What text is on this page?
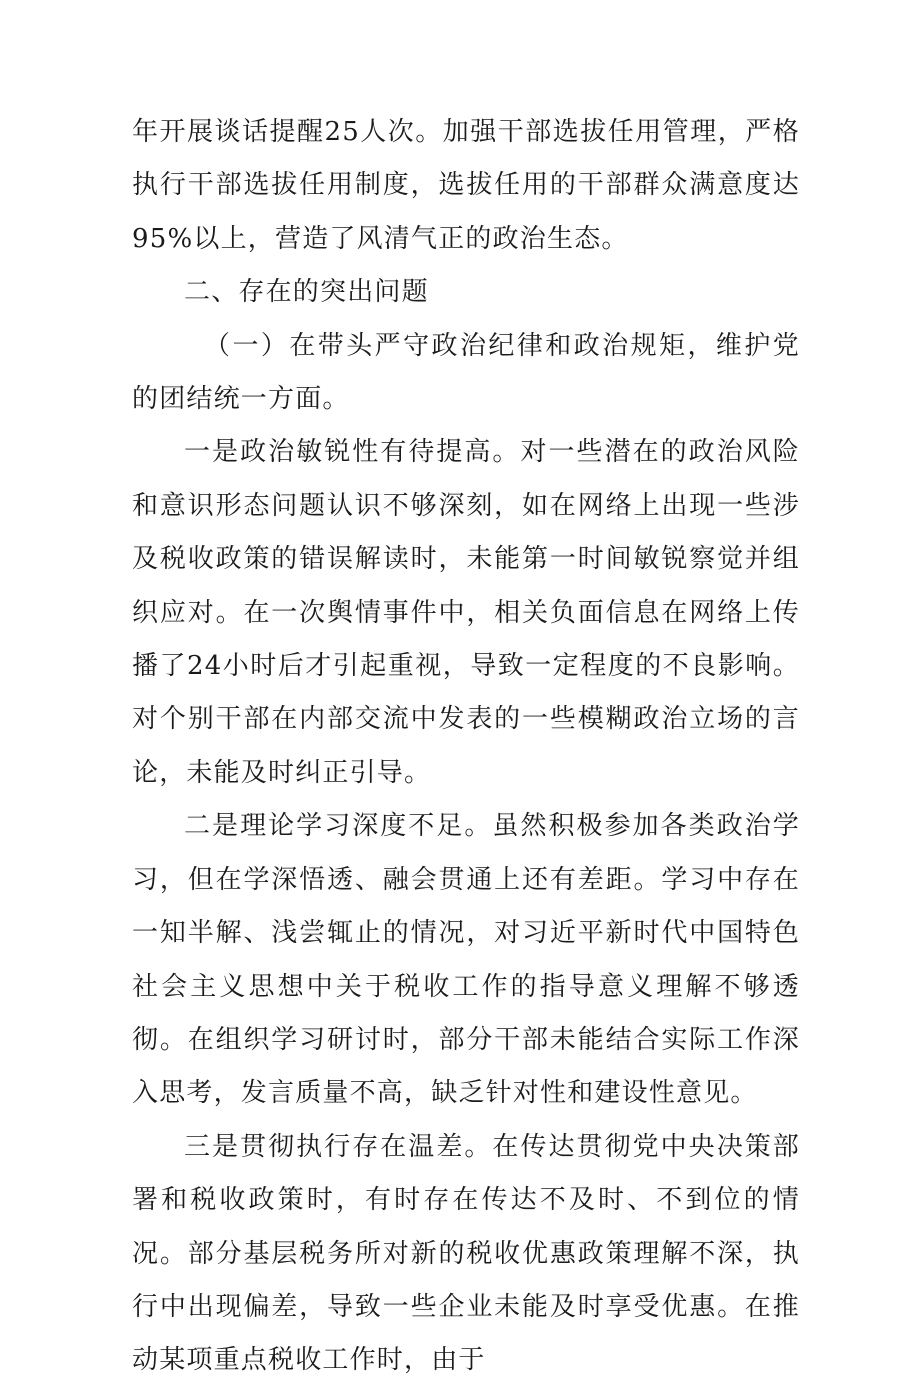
年开展谈话提醒25人次。加强干部选拔任用管理，严格执行干部选拔任用制度，选拔任用的干部群众满意度达95%以上，营造了风清气正的政治生态。

二、存在的突出问题

（一）在带头严守政治纪律和政治规矩，维护党的团结统一方面。

一是政治敏锐性有待提高。对一些潜在的政治风险和意识形态问题认识不够深刻，如在网络上出现一些涉及税收政策的错误解读时，未能第一时间敏锐察觉并组织应对。在一次舆情事件中，相关负面信息在网络上传播了24小时后才引起重视，导致一定程度的不良影响。对个别干部在内部交流中发表的一些模糊政治立场的言论，未能及时纠正引导。

二是理论学习深度不足。虽然积极参加各类政治学习，但在学深悟透、融会贯通上还有差距。学习中存在一知半解、浅尝辄止的情况，对习近平新时代中国特色社会主义思想中关于税收工作的指导意义理解不够透彻。在组织学习研讨时，部分干部未能结合实际工作深入思考，发言质量不高，缺乏针对性和建设性意见。

三是贯彻执行存在温差。在传达贯彻党中央决策部署和税收政策时，有时存在传达不及时、不到位的情况。部分基层税务所对新的税收优惠政策理解不深，执行中出现偏差，导致一些企业未能及时享受优惠。在推动某项重点税收工作时，由于
